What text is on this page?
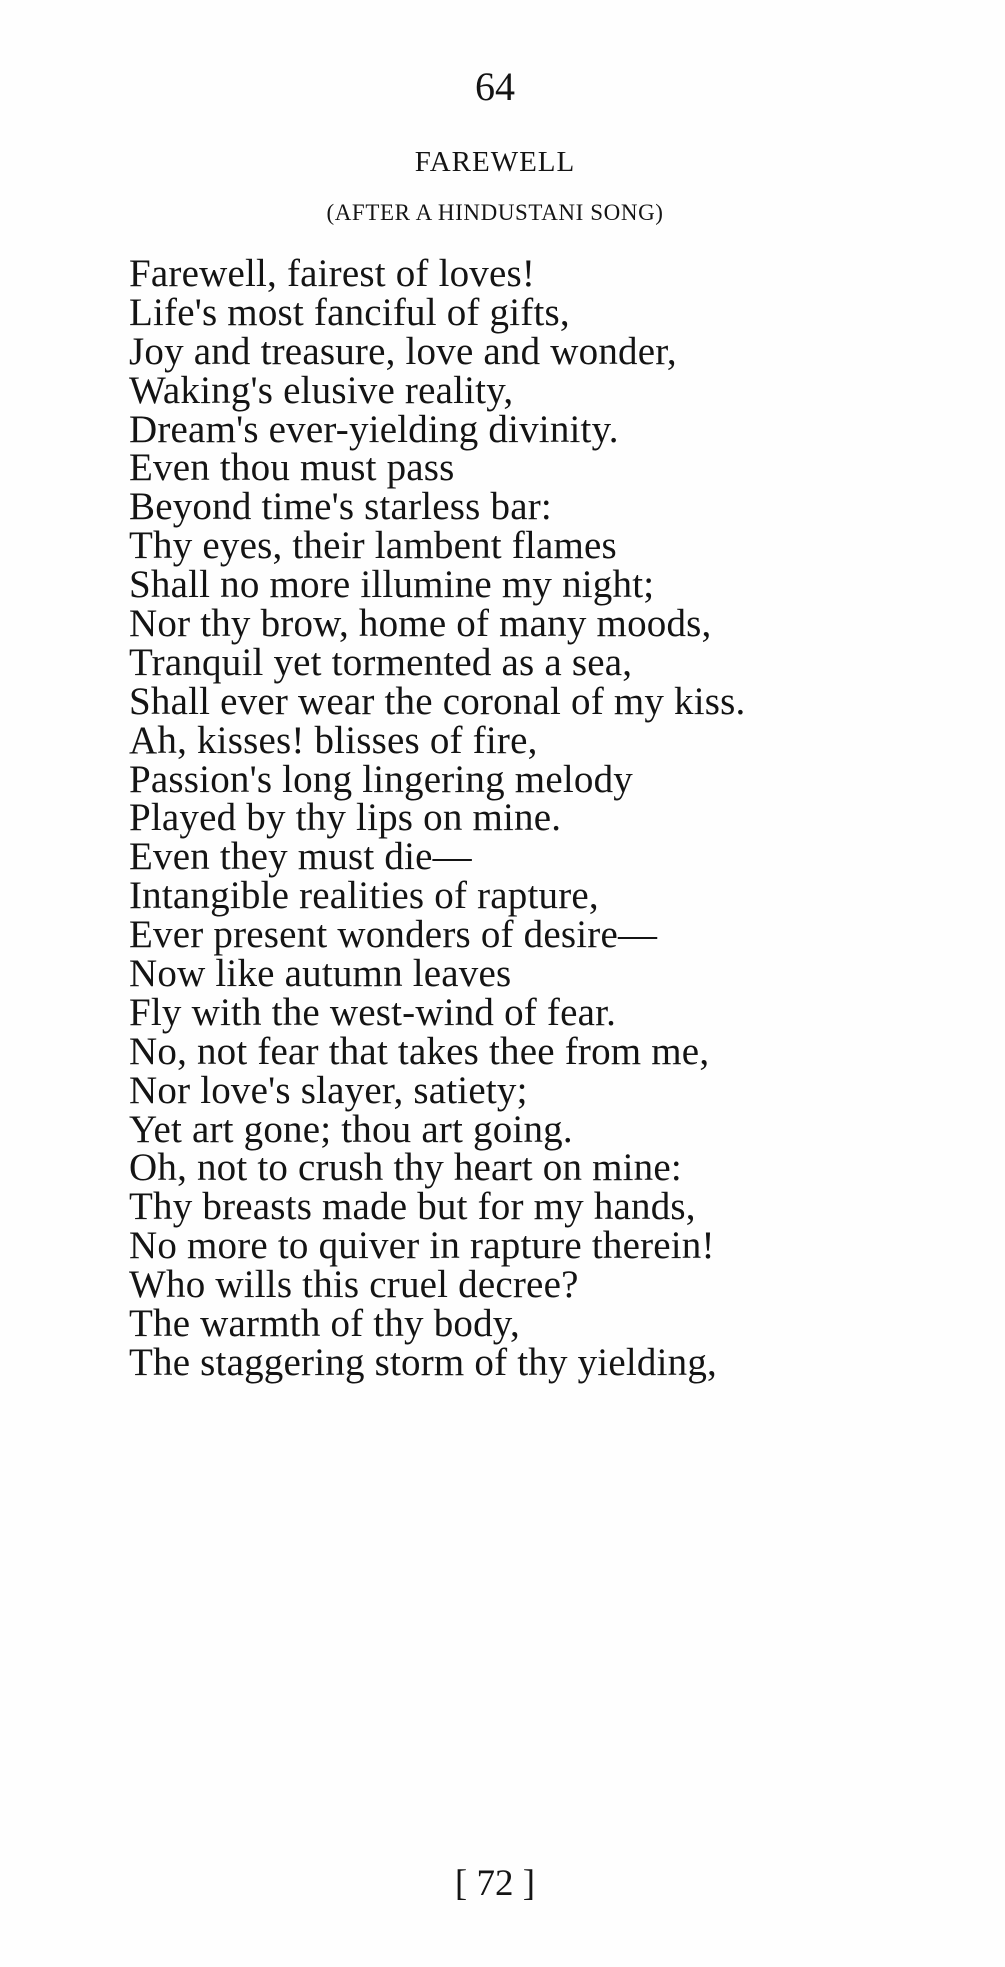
64
FAREWELL
(AFTER A HINDUSTANI SONG)
Farewell, fairest of loves!
Life's most fanciful of gifts,
Joy and treasure, love and wonder,
Waking's elusive reality,
Dream's ever-yielding divinity.
Even thou must pass
Beyond time's starless bar:
Thy eyes, their lambent flames
Shall no more illumine my night;
Nor thy brow, home of many moods,
Tranquil yet tormented as a sea,
Shall ever wear the coronal of my kiss.
Ah, kisses! blisses of fire,
Passion's long lingering melody
Played by thy lips on mine.
Even they must die—
Intangible realities of rapture,
Ever present wonders of desire—
Now like autumn leaves
Fly with the west-wind of fear.
No, not fear that takes thee from me,
Nor love's slayer, satiety;
Yet art gone; thou art going.
Oh, not to crush thy heart on mine:
Thy breasts made but for my hands,
No more to quiver in rapture therein!
Who wills this cruel decree?
The warmth of thy body,
The staggering storm of thy yielding,
[ 72 ]
